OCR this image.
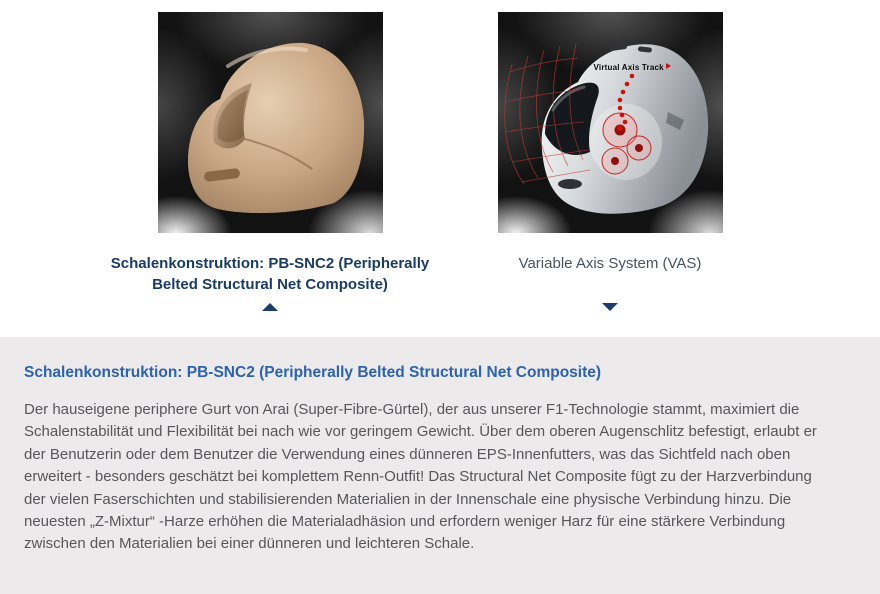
Schalenkonstruktion: PB-SNC2 (Peripherally Belted Structural Net Composite)
Virtual Axis Track
Variable Axis System (VAS)
Schalenkonstruktion: PB-SNC2 (Peripherally Belted Structural Net Composite)

Der hauseigene periphere Gurt von Arai (Super-Fibre-Gürtel), der aus unserer F1-Technologie stammt, maximiert die Schalenstabilität und Flexibilität bei nach wie vor geringem Gewicht. Über dem oberen Augenschlitz befestigt, erlaubt er der Benutzerin oder dem Benutzer die Verwendung eines dünneren EPS-Innenfutters, was das Sichtfeld nach oben erweitert - besonders geschätzt bei komplettem Renn-Outfit! Das Structural Net Composite fügt zu der Harzverbindung der vielen Faserschichten und stabilisierenden Materialien in der Innenschale eine physische Verbindung hinzu. Die neuesten „Z-Mixtur“ -Harze erhöhen die Materialadhäsion und erfordern weniger Harz für eine stärkere Verbindung zwischen den Materialien bei einer dünneren und leichteren Schale.
